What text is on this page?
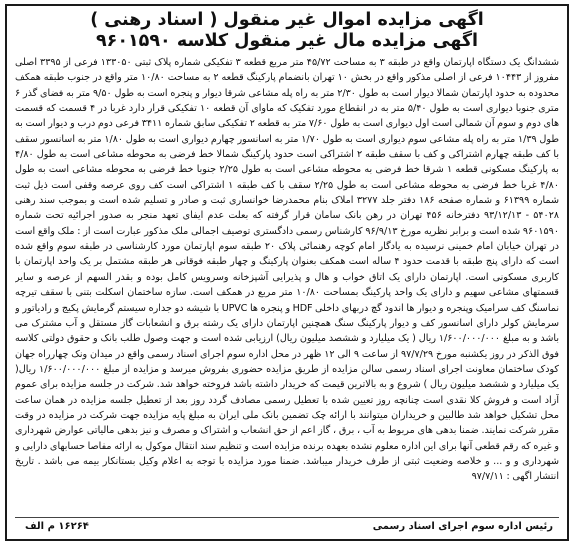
اگهی مزایده اموال غیر منقول ( اسناد رهنی )
اگهی مزایده مال غیر منقول کلاسه ۹۶۰۱۵۹۰
ششدانگ یک دستگاه اپارتمان واقع در طبقه ۳ به مساحت ۴۵/۷۲ متر مربع قطعه ۳ تفکیکی شماره پلاک ثبتی ۱۳۳۰۵۰ فرعی از ۳۳۹۵ اصلی مفروز از ۱۰۴۴۳ فرعی از اصلی مذکور واقع در بخش ۱۰ تهران بانضمام پارکینگ قطعه ۲ به مساحت ۱۰/۸۰ متر واقع در جنوب طبقه همکف محدوده به حدود اپارتمان شمالا دیوار است به طول ۲/۳۰ متر به راه پله مشاعی شرقا دیوار و پنجره است به طول ۹/۵۰ متر به فضای گذر ۶ متری جنوبا دیواری است به طول ۵/۴۰ متر به در انقطاع مورد تفکیک که ماوای آن قطعه ۱۰ تفکیکی قرار دارد غربا در ۴ قسمت که قسمت های دوم و سوم آن شمالی است اول دیواری است به طول ۷/۶۰ متر به قطعه ۲ تفکیکی سابق شماره ۳۴۱۱ فرعی دوم درب و دیوار است به طول ۱/۳۹ متر به راه پله مشاعی سوم دیواری است به طول ۱/۷۰ متر به اسانسور چهارم دیواری است به طول ۱/۸۰ متر به اسانسور سقف با کف طبقه چهارم اشتراکی و کف با سقف طبقه ۲ اشتراکی است حدود پارکینگ شمالا خط فرضی به محوطه مشاعی است به طول ۴/۸۰ به پارکینگ مسکونی قطعه ۱ شرقا خط فرضی به محوطه مشاعی است به طول ۲/۲۵ جنوبا خط فرضی به محوطه مشاعی است به طول ۴/۸۰ غربا خط فرضی به محوطه مشاعی است به طول ۲/۲۵ سقف با کف طبقه ۱ اشتراکی است کف روی عرصه وقفی است ذیل ثبت شماره ۶۱۳۹۹ و شماره صفحه ۱۸۶ دفتر جلد ۳۲۷۷ املاک بنام محمدرضا خوانساری ثبت و صادر و تسلیم شده است و بموجب سند رهنی ۵۴۰۲۸ - ۹۳/۱۲/۱۳ دفترخانه ۴۵۶ تهران در رهن بانک سامان قرار گرفته که بعلت عدم ایفای تعهد منجر به صدور اجرائیه تحت شماره ۹۶۰۱۵۹۰ شده است و برابر نظریه مورخ ۹۶/۹/۱۳ کارشناس رسمی دادگستری توصیف اجمالی ملک مذکور عبارت است از : ملک واقع است در تهران خیابان امام خمینی نرسیده به یادگار امام کوچه رهنمائی پلاک ۲۰ طبقه سوم اپارتمان مورد کارشناسی در طبقه سوم واقع شده است که دارای پنج طبقه با قدمت حدود ۴ ساله است همکف بعنوان پارکینگ و چهار طبقه فوقانی هر طبقه مشتمل بر یک واحد اپارتمان با کاربری مسکونی است. اپارتمان دارای یک اتاق خواب و هال و پذیرایی آشپزخانه وسرویس کامل بوده و بقدر السهم از عرصه و سایر قسمتهای مشاعی سهیم و دارای یک واحد پارکینگ بمساحت ۱۰/۸۰ متر مربع در همکف است. سازه ساختمان اسکلت بتنی با سقف تیرچه نماسنگ کف سرامیک وپنجره و دیوار ها اندود گچ دربهای داخلی HDF و پنجره ها UPVC با شیشه دو جداره سیستم گرمایش پکیج و رادیاتور و سرمایش کولر دارای اسانسور کف و دیوار پارکینگ سنگ همچنین اپارتمان دارای یک رشته برق و انشعابات گاز مستقل و آب مشترک می باشد و به مبلغ ۱/۶۰۰/۰۰۰/۰۰۰ ریال ( یک میلیارد و ششصد میلیون ریال) ارزیابی شده است و جهت وصول طلب بانک و حقوق دولتی کلاسه فوق الذکر در روز یکشنبه مورخ ۹۷/۷/۲۹ از ساعت ۹ الی ۱۲ ظهر در محل اداره سوم اجرای اسناد رسمی واقع در میدان ونک چهارراه جهان کودک ساختمان معاونت اجرای اسناد رسمی سالن مزایده از طریق مزایده حضوری بفروش میرسد و مزایده از مبلغ ۱/۶۰۰/۰۰۰/۰۰۰ ریال( یک میلیارد و ششصد میلیون ریال ) شروع و به بالاترین قیمت که خریدار داشته باشد فروخته خواهد شد. شرکت در جلسه مزایده برای عموم آزاد است و فروش کلا نقدی است چنانچه روز تعیین شده با تعطیل رسمی مصادف گردد روز بعد از تعطیل جلسه مزایده در همان ساعت محل تشکیل خواهد شد طالبین و خریداران میتوانند با ارائه چک تضمین بانک ملی ایران به مبلغ پایه مزایده جهت شرکت در مزایده در وقت مقرر شرکت نمایند. ضمنا بدهی های مربوط به آب ، برق ، گاز اعم از حق انشعاب و اشتراک و مصرف و نیز بدهی مالیاتی عوارض شهرداری و غیره که رقم قطعی آنها برای این اداره معلوم نشده بعهده برنده مزایده است و تنظیم سند انتقال موکول به ارائه مفاصا حسابهای دارایی و شهرداری و و ... و خلاصه وضعیت ثبتی از طرف خریدار میباشد. ضمنا مورد مزایده با توجه به اعلام وکیل بستانکار بیمه می باشد . تاریخ انتشار اگهی : ۹۷/۷/۱۱
رئیس اداره سوم اجرای اسناد رسمی
۱۶۲۶۴ م الف
